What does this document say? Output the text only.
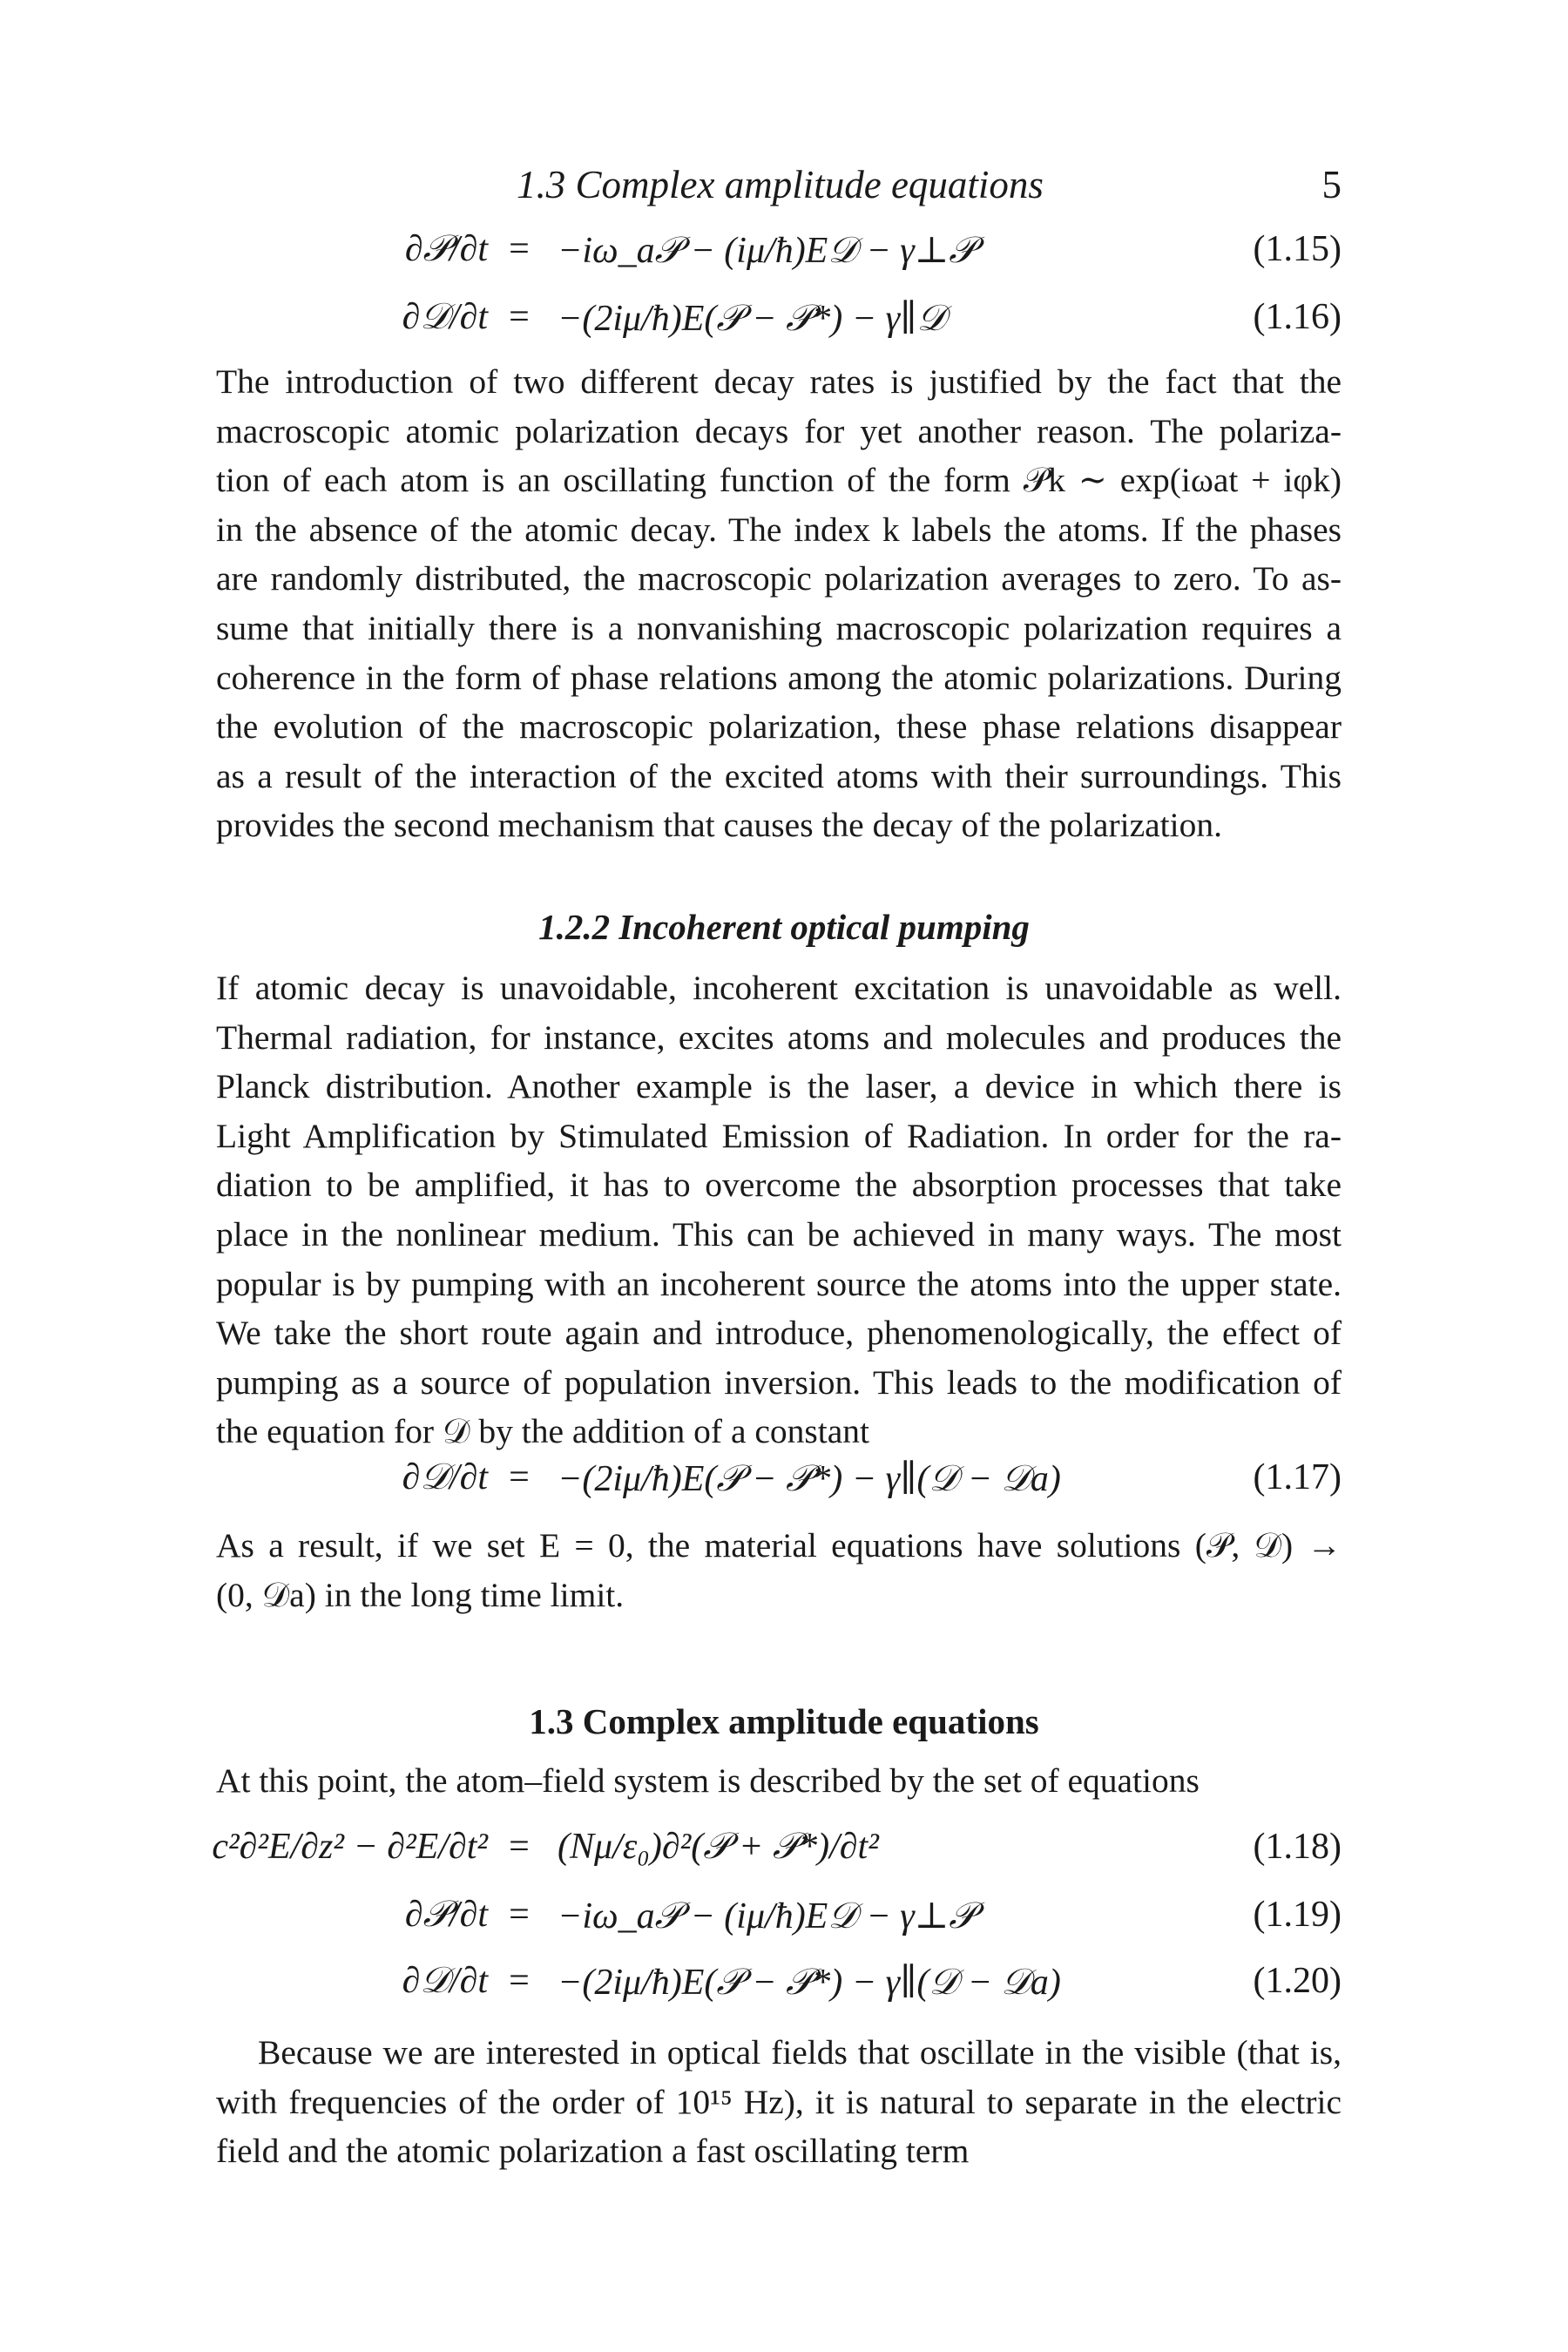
1.3 Complex amplitude equations	5
∂𝒫/∂t = −iω_a𝒫 − (iμ/ħ)E𝒟 − γ⊥𝒫	(1.15)
∂𝒟/∂t = −(2iμ/ħ)E(𝒫 − 𝒫*) − γ∥𝒟	(1.16)

The introduction of two different decay rates is justified by the fact that the
macroscopic atomic polarization decays for yet another reason. The polariza-
tion of each atom is an oscillating function of the form 𝒫k ∼ exp(iωat + iφk)
in the absence of the atomic decay. The index k labels the atoms. If the phases
are randomly distributed, the macroscopic polarization averages to zero. To as-
sume that initially there is a nonvanishing macroscopic polarization requires a
coherence in the form of phase relations among the atomic polarizations. During
the evolution of the macroscopic polarization, these phase relations disappear
as a result of the interaction of the excited atoms with their surroundings. This
provides the second mechanism that causes the decay of the polarization.

1.2.2 Incoherent optical pumping

If atomic decay is unavoidable, incoherent excitation is unavoidable as well.
Thermal radiation, for instance, excites atoms and molecules and produces the
Planck distribution. Another example is the laser, a device in which there is
Light Amplification by Stimulated Emission of Radiation. In order for the ra-
diation to be amplified, it has to overcome the absorption processes that take
place in the nonlinear medium. This can be achieved in many ways. The most
popular is by pumping with an incoherent source the atoms into the upper state.
We take the short route again and introduce, phenomenologically, the effect of
pumping as a source of population inversion. This leads to the modification of
the equation for 𝒟 by the addition of a constant

∂𝒟/∂t = −(2iμ/ħ)E(𝒫 − 𝒫*) − γ∥(𝒟 − 𝒟a)	(1.17)

As a result, if we set E = 0, the material equations have solutions (𝒫, 𝒟) →
(0, 𝒟a) in the long time limit.

1.3 Complex amplitude equations

At this point, the atom–field system is described by the set of equations

c²∂²E/∂z² − ∂²E/∂t² = (Nμ/ε₀)∂²(𝒫 + 𝒫*)/∂t²	(1.18)
∂𝒫/∂t = −iω_a𝒫 − (iμ/ħ)E𝒟 − γ⊥𝒫	(1.19)
∂𝒟/∂t = −(2iμ/ħ)E(𝒫 − 𝒫*) − γ∥(𝒟 − 𝒟a)	(1.20)

Because we are interested in optical fields that oscillate in the visible (that is,
with frequencies of the order of 10¹⁵ Hz), it is natural to separate in the electric
field and the atomic polarization a fast oscillating term
